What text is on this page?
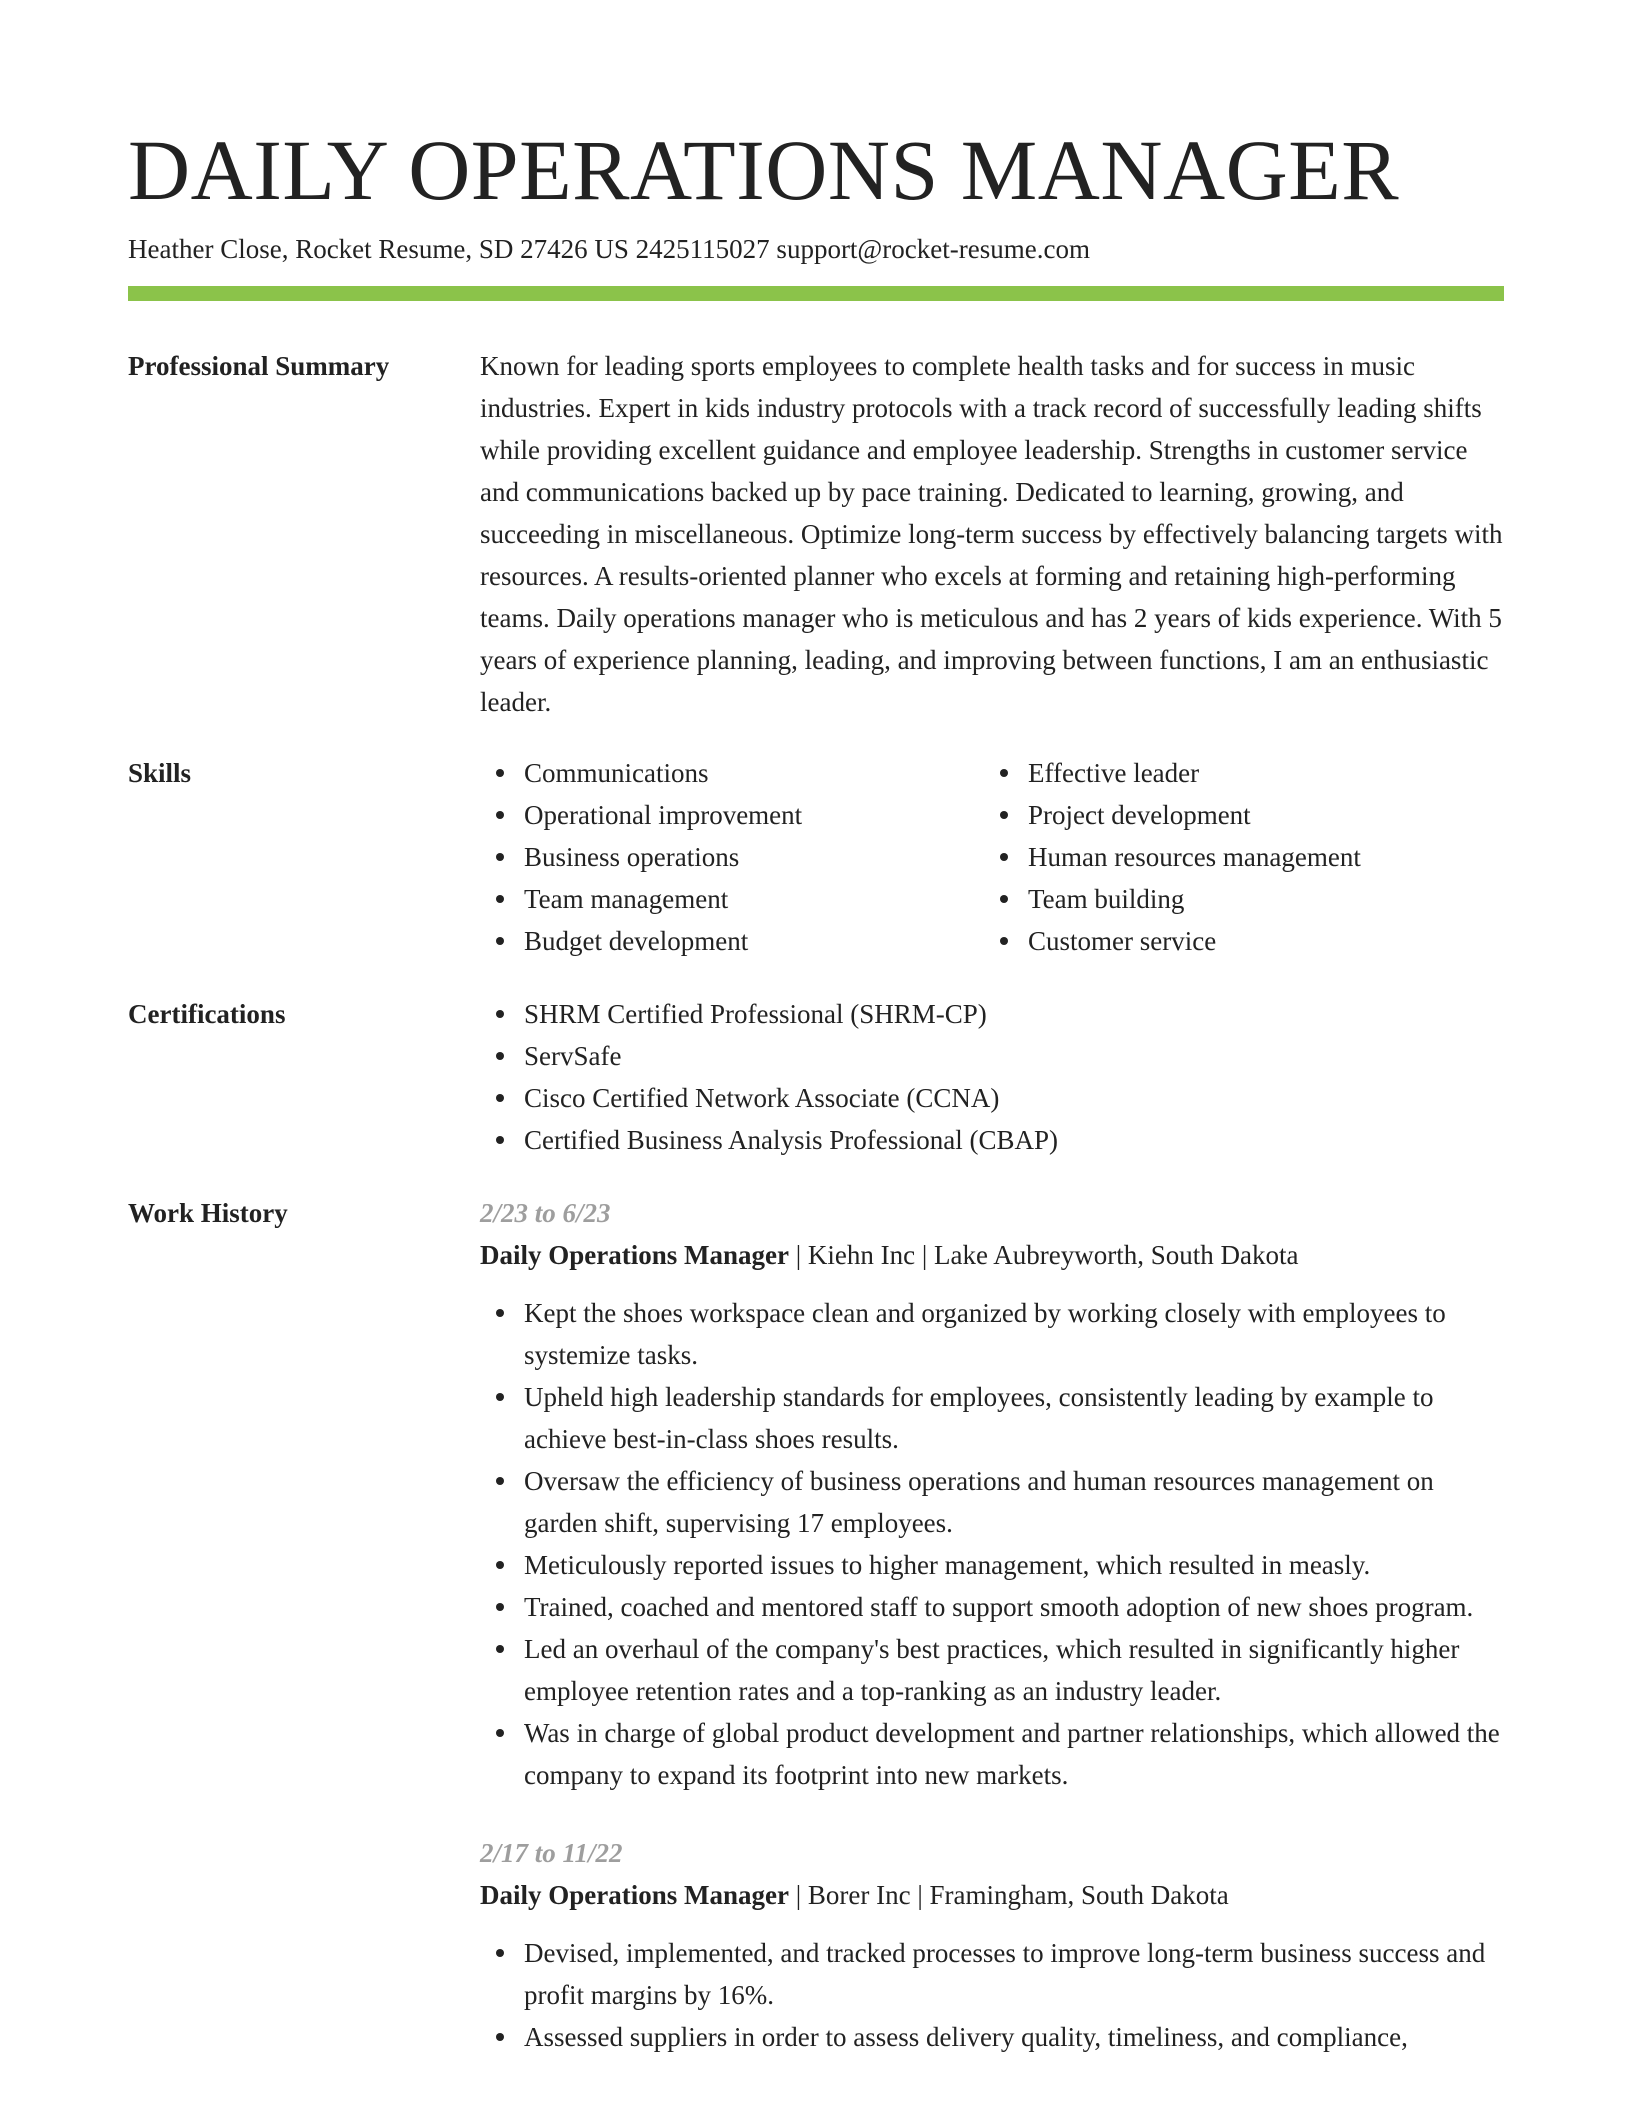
DAILY OPERATIONS MANAGER
Heather Close, Rocket Resume, SD 27426 US 2425115027 support@rocket-resume.com
Professional Summary	Known for leading sports employees to complete health tasks and for success in music industries. Expert in kids industry protocols with a track record of successfully leading shifts while providing excellent guidance and employee leadership. Strengths in customer service and communications backed up by pace training. Dedicated to learning, growing, and succeeding in miscellaneous. Optimize long-term success by effectively balancing targets with resources. A results-oriented planner who excels at forming and retaining high-performing teams. Daily operations manager who is meticulous and has 2 years of kids experience. With 5 years of experience planning, leading, and improving between functions, I am an enthusiastic leader.

Skills	Communications
Operational improvement
Business operations
Team management
Budget development
Effective leader
Project development
Human resources management
Team building
Customer service
Certifications	SHRM Certified Professional (SHRM-CP)
ServSafe
Cisco Certified Network Associate (CCNA)
Certified Business Analysis Professional (CBAP)
Work History	2/23 to 6/23

Daily Operations Manager | Kiehn Inc | Lake Aubreyworth, South Dakota

Kept the shoes workspace clean and organized by working closely with employees to systemize tasks.
Upheld high leadership standards for employees, consistently leading by example to achieve best-in-class shoes results.
Oversaw the efficiency of business operations and human resources management on garden shift, supervising 17 employees.
Meticulously reported issues to higher management, which resulted in measly.
Trained, coached and mentored staff to support smooth adoption of new shoes program.
Led an overhaul of the company's best practices, which resulted in significantly higher employee retention rates and a top-ranking as an industry leader.
Was in charge of global product development and partner relationships, which allowed the company to expand its footprint into new markets.

2/17 to 11/22

Daily Operations Manager | Borer Inc | Framingham, South Dakota

Devised, implemented, and tracked processes to improve long-term business success and profit margins by 16%.
Assessed suppliers in order to assess delivery quality, timeliness, and compliance,
